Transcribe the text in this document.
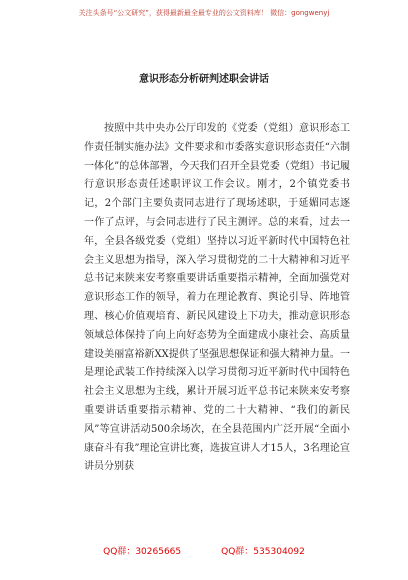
关注头条号“公文研究”，获得最新最全最专业的公文资料库！ 微信：gongwenyj
意识形态分析研判述职会讲话

按照中共中央办公厅印发的《党委（党组）意识形态工作责任制实施办法》文件要求和市委落实意识形态责任“六制一体化”的总体部署，今天我们召开全县党委（党组）书记履行意识形态责任述职评议工作会议。刚才，2个镇党委书记，2个部门主要负责同志进行了现场述职，于延媚同志逐一作了点评，与会同志进行了民主测评。总的来看，过去一年，全县各级党委（党组）坚持以习近平新时代中国特色社会主义思想为指导，深入学习贯彻党的二十大精神和习近平总书记来陕来安考察重要讲话重要指示精神，全面加强党对意识形态工作的领导，着力在理论教育、舆论引导、阵地管理、核心价值观培育、新民风建设上下功夫，推动意识形态领域总体保持了向上向好态势为全面建成小康社会、高质量建设美丽富裕新XX提供了坚强思想保证和强大精神力量。一是理论武装工作持续深入以学习贯彻习近平新时代中国特色社会主义思想为主线，累计开展习近平总书记来陕来安考察重要讲话重要指示精神、党的二十大精神、“我们的新民风”等宣讲活动500余场次，在全县范围内广泛开展“全面小康奋斗有我”理论宣讲比赛，选拔宣讲人才15人，3名理论宣讲员分别获

QQ群：30265665	QQ群：535304092
